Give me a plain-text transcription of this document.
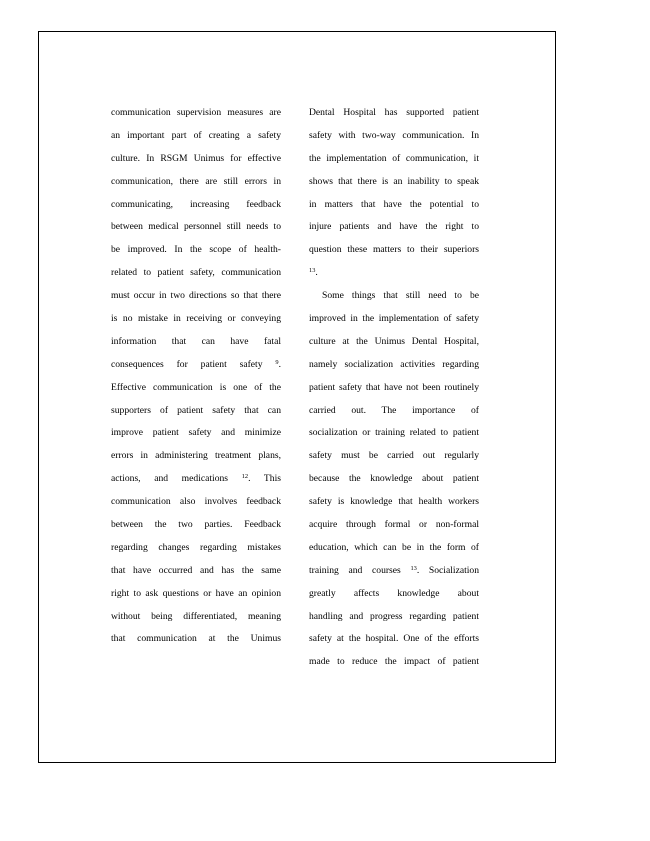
communication supervision measures are
an important part of creating a safety
culture. In RSGM Unimus for effective
communication, there are still errors in
communicating, increasing feedback
between medical personnel still needs to
be improved. In the scope of health-
related to patient safety, communication
must occur in two directions so that there
is no mistake in receiving or conveying
information that can have fatal
consequences for patient safety $^9$.
Effective communication is one of the
supporters of patient safety that can
improve patient safety and minimize
errors in administering treatment plans,
actions, and medications $^{12}$. This
communication also involves feedback
between the two parties. Feedback
regarding changes regarding mistakes
that have occurred and has the same
right to ask questions or have an opinion
without being differentiated, meaning
that communication at the Unimus
Dental Hospital has supported patient
safety with two-way communication. In
the implementation of communication, it
shows that there is an inability to speak
in matters that have the potential to
injure patients and have the right to
question these matters to their superiors
$^{13}$.
Some things that still need to be
improved in the implementation of safety
culture at the Unimus Dental Hospital,
namely socialization activities regarding
patient safety that have not been routinely
carried out. The importance of
socialization or training related to patient
safety must be carried out regularly
because the knowledge about patient
safety is knowledge that health workers
acquire through formal or non-formal
education, which can be in the form of
training and courses $^{13}$. Socialization
greatly affects knowledge about
handling and progress regarding patient
safety at the hospital. One of the efforts
made to reduce the impact of patient
